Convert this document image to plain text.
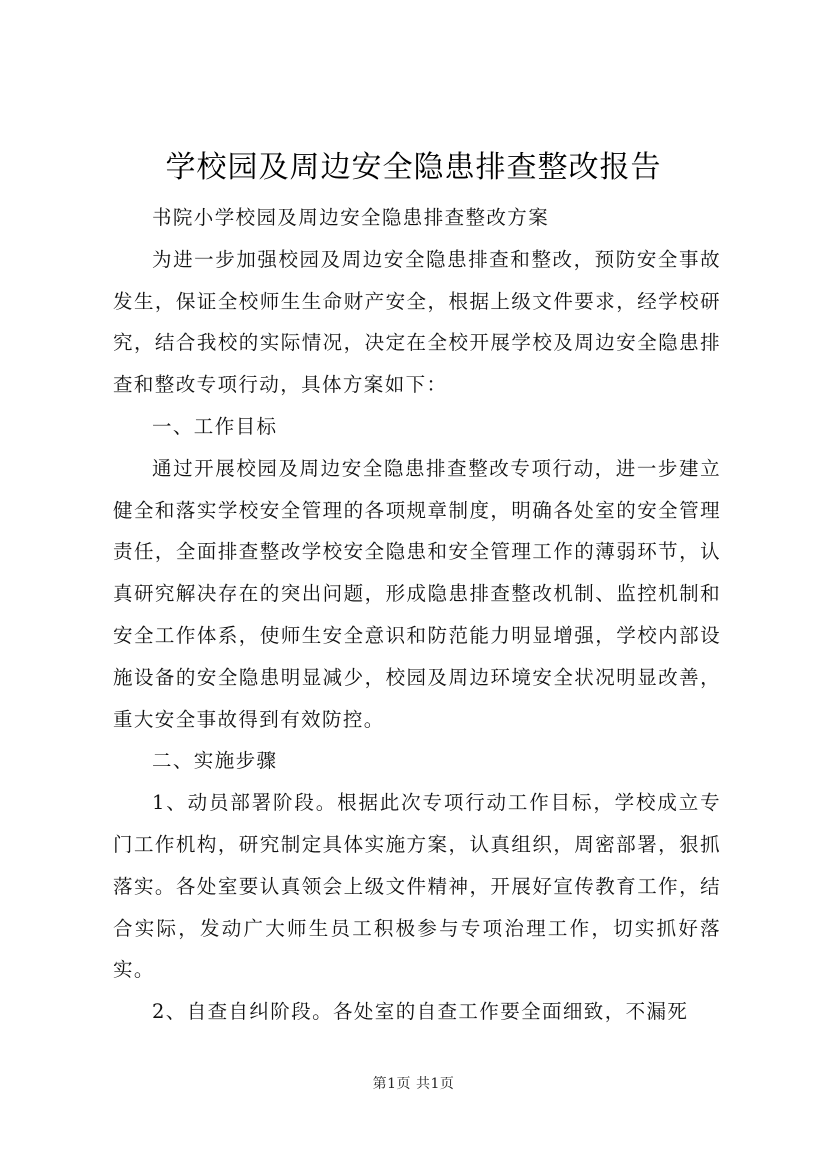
学校园及周边安全隐患排查整改报告

书院小学校园及周边安全隐患排查整改方案

为进一步加强校园及周边安全隐患排查和整改，预防安全事故发生，保证全校师生生命财产安全，根据上级文件要求，经学校研究，结合我校的实际情况，决定在全校开展学校及周边安全隐患排查和整改专项行动，具体方案如下：

一、工作目标

通过开展校园及周边安全隐患排查整改专项行动，进一步建立健全和落实学校安全管理的各项规章制度，明确各处室的安全管理责任，全面排查整改学校安全隐患和安全管理工作的薄弱环节，认真研究解决存在的突出问题，形成隐患排查整改机制、监控机制和安全工作体系，使师生安全意识和防范能力明显增强，学校内部设施设备的安全隐患明显减少，校园及周边环境安全状况明显改善，重大安全事故得到有效防控。

二、实施步骤

1、动员部署阶段。根据此次专项行动工作目标，学校成立专门工作机构，研究制定具体实施方案，认真组织，周密部署，狠抓落实。各处室要认真领会上级文件精神，开展好宣传教育工作，结合实际，发动广大师生员工积极参与专项治理工作，切实抓好落实。

2、自查自纠阶段。各处室的自查工作要全面细致，不漏死

第1页 共1页
